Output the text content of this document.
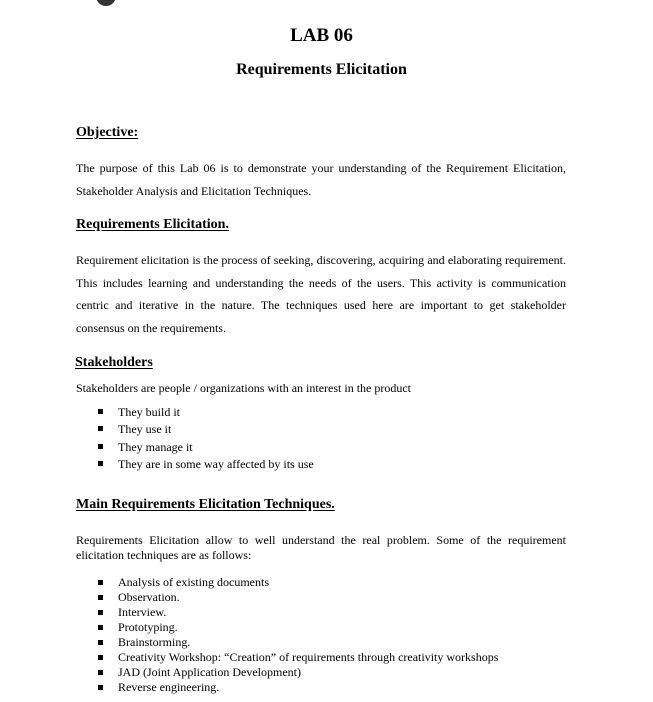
LAB 06
Requirements Elicitation
Objective:
The purpose of this Lab 06 is to demonstrate your understanding of the Requirement Elicitation, Stakeholder Analysis and Elicitation Techniques.
Requirements Elicitation.
Requirement elicitation is the process of seeking, discovering, acquiring and elaborating requirement. This includes learning and understanding the needs of the users. This activity is communication centric and iterative in the nature. The techniques used here are important to get stakeholder consensus on the requirements.
Stakeholders
Stakeholders are people / organizations with an interest in the product
They build it
They use it
They manage it
They are in some way affected by its use
Main Requirements Elicitation Techniques.
Requirements Elicitation allow to well understand the real problem. Some of the requirement elicitation techniques are as follows:
Analysis of existing documents
Observation.
Interview.
Prototyping.
Brainstorming.
Creativity Workshop: “Creation” of requirements through creativity workshops
JAD (Joint Application Development)
Reverse engineering.
